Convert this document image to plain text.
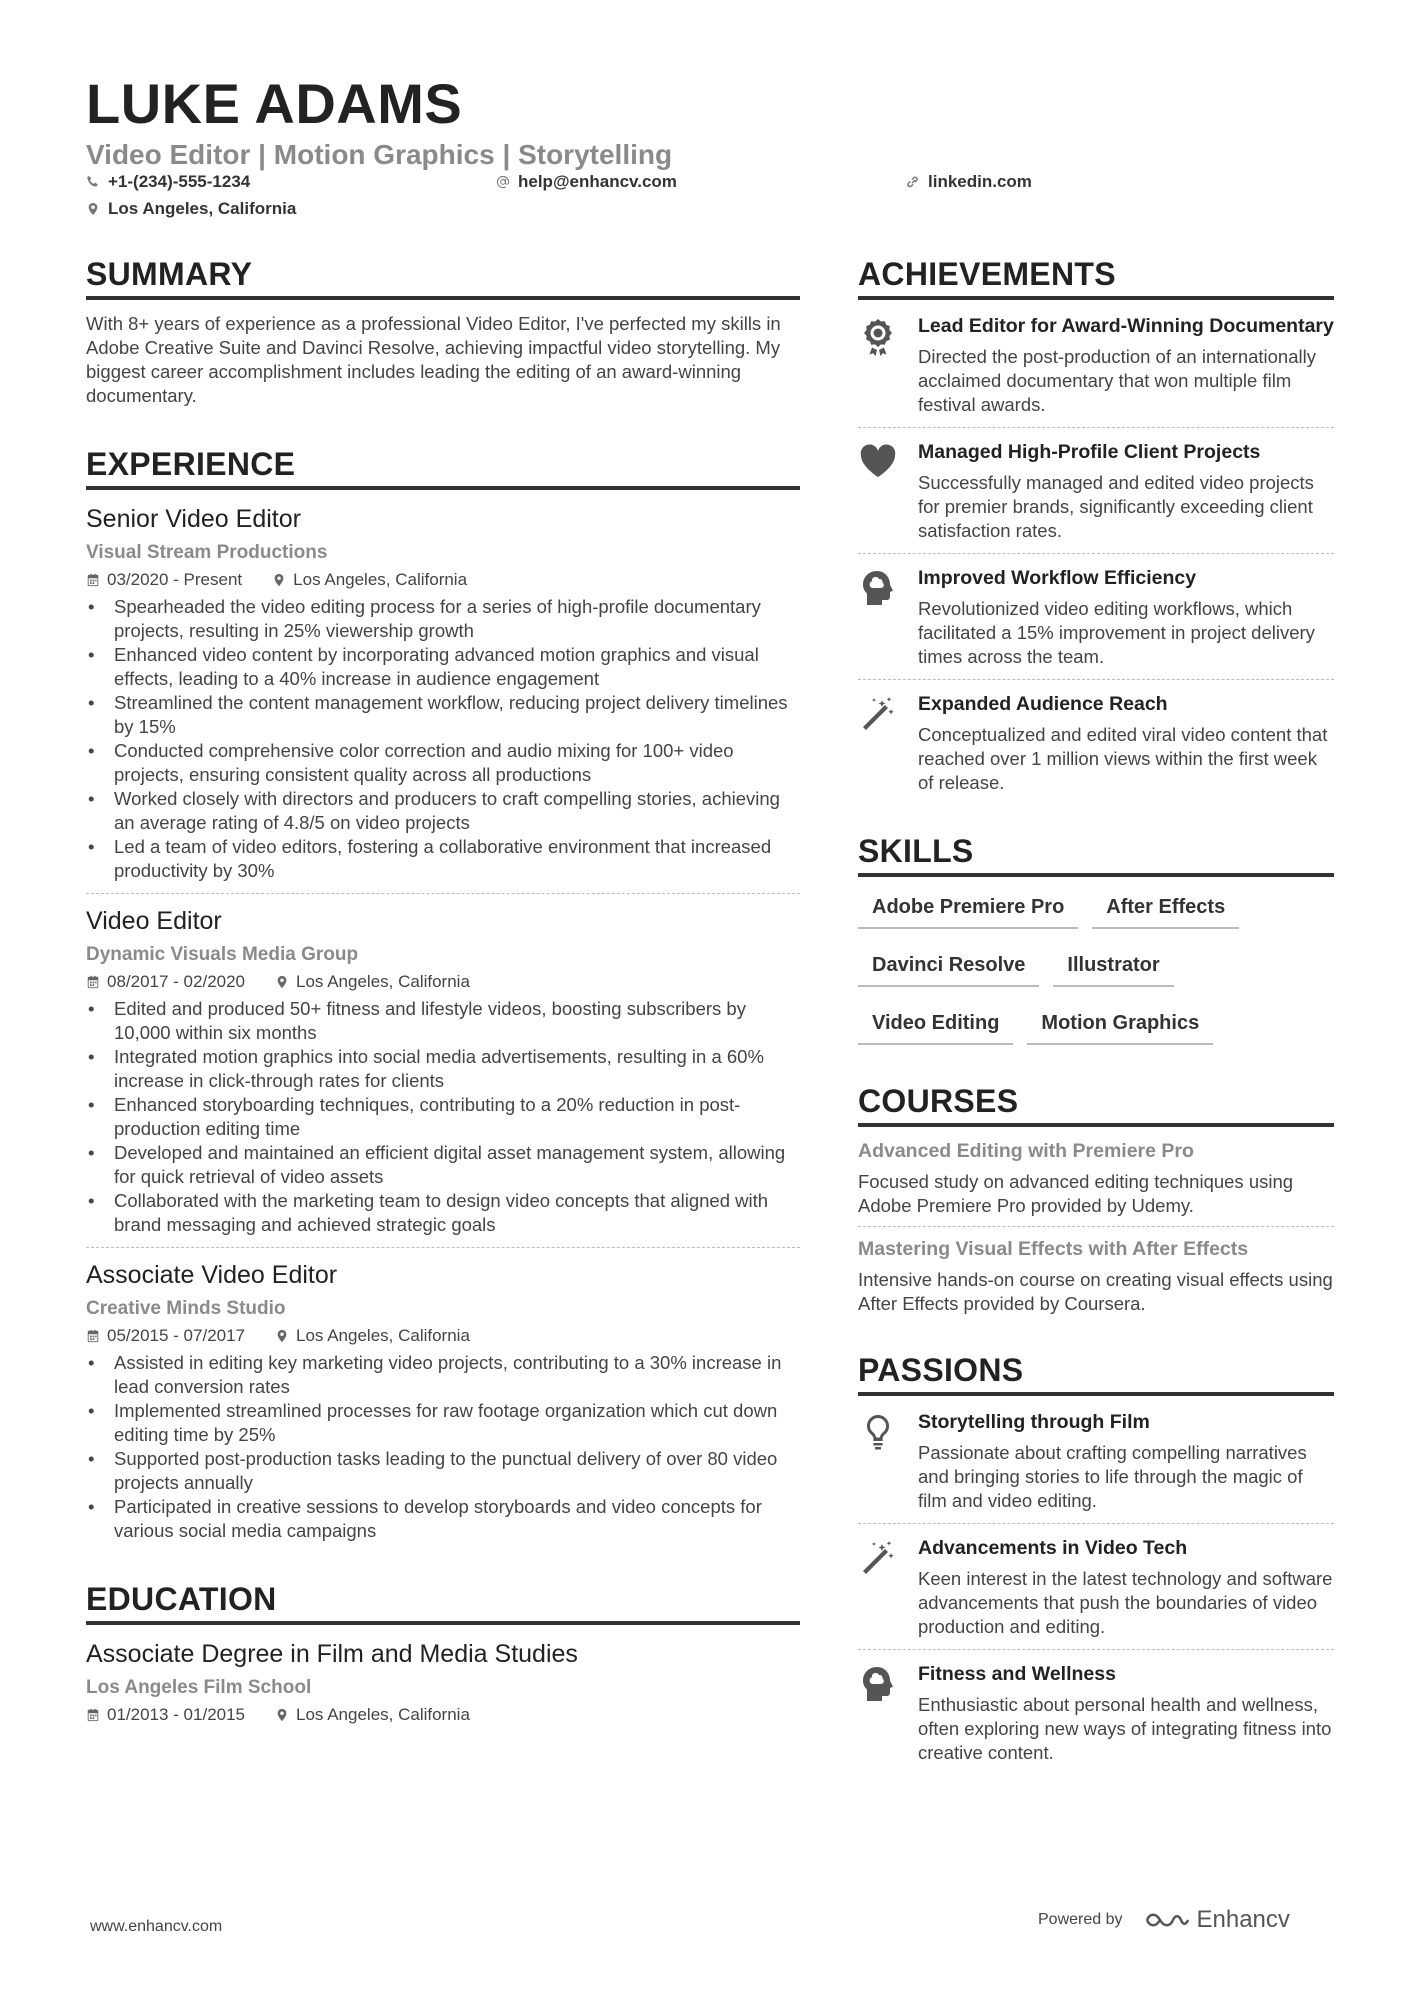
LUKE ADAMS
Video Editor | Motion Graphics | Storytelling
+1-(234)-555-1234	help@enhancv.com	linkedin.com
Los Angeles, California
SUMMARY
With 8+ years of experience as a professional Video Editor, I've perfected my skills in Adobe Creative Suite and Davinci Resolve, achieving impactful video storytelling. My biggest career accomplishment includes leading the editing of an award-winning documentary.
EXPERIENCE
Senior Video Editor
Visual Stream Productions
03/2020 - Present	Los Angeles, California
• Spearheaded the video editing process for a series of high-profile documentary projects, resulting in 25% viewership growth
• Enhanced video content by incorporating advanced motion graphics and visual effects, leading to a 40% increase in audience engagement
• Streamlined the content management workflow, reducing project delivery timelines by 15%
• Conducted comprehensive color correction and audio mixing for 100+ video projects, ensuring consistent quality across all productions
• Worked closely with directors and producers to craft compelling stories, achieving an average rating of 4.8/5 on video projects
• Led a team of video editors, fostering a collaborative environment that increased productivity by 30%
Video Editor
Dynamic Visuals Media Group
08/2017 - 02/2020	Los Angeles, California
• Edited and produced 50+ fitness and lifestyle videos, boosting subscribers by 10,000 within six months
• Integrated motion graphics into social media advertisements, resulting in a 60% increase in click-through rates for clients
• Enhanced storyboarding techniques, contributing to a 20% reduction in post-production editing time
• Developed and maintained an efficient digital asset management system, allowing for quick retrieval of video assets
• Collaborated with the marketing team to design video concepts that aligned with brand messaging and achieved strategic goals
Associate Video Editor
Creative Minds Studio
05/2015 - 07/2017	Los Angeles, California
• Assisted in editing key marketing video projects, contributing to a 30% increase in lead conversion rates
• Implemented streamlined processes for raw footage organization which cut down editing time by 25%
• Supported post-production tasks leading to the punctual delivery of over 80 video projects annually
• Participated in creative sessions to develop storyboards and video concepts for various social media campaigns
EDUCATION
Associate Degree in Film and Media Studies
Los Angeles Film School
01/2013 - 01/2015	Los Angeles, California
ACHIEVEMENTS
Lead Editor for Award-Winning Documentary
Directed the post-production of an internationally acclaimed documentary that won multiple film festival awards.
Managed High-Profile Client Projects
Successfully managed and edited video projects for premier brands, significantly exceeding client satisfaction rates.
Improved Workflow Efficiency
Revolutionized video editing workflows, which facilitated a 15% improvement in project delivery times across the team.
Expanded Audience Reach
Conceptualized and edited viral video content that reached over 1 million views within the first week of release.
SKILLS
Adobe Premiere Pro	After Effects
Davinci Resolve	Illustrator
Video Editing	Motion Graphics
COURSES
Advanced Editing with Premiere Pro
Focused study on advanced editing techniques using Adobe Premiere Pro provided by Udemy.
Mastering Visual Effects with After Effects
Intensive hands-on course on creating visual effects using After Effects provided by Coursera.
PASSIONS
Storytelling through Film
Passionate about crafting compelling narratives and bringing stories to life through the magic of film and video editing.
Advancements in Video Tech
Keen interest in the latest technology and software advancements that push the boundaries of video production and editing.
Fitness and Wellness
Enthusiastic about personal health and wellness, often exploring new ways of integrating fitness into creative content.
www.enhancv.com	Powered by	Enhancv
